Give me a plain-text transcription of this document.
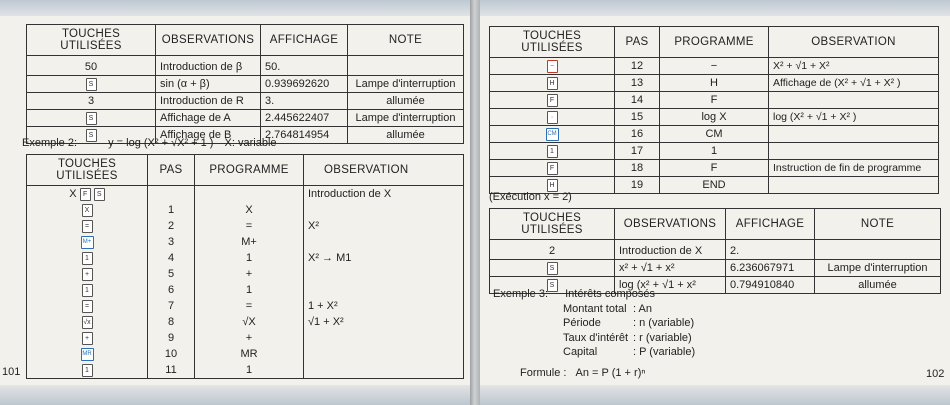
TOUCHES UTILISÉES	OBSERVATIONS	AFFICHAGE	NOTE
50	Introduction de β	50.	
S	sin (α + β)	0.939692620	Lampe d'interruption
3	Introduction de R	3.	allumée
S	Affichage de A	2.445622407	Lampe d'interruption
S	Affichage de B	2.764814954	allumée
Exemple 2:	y = log (X² + √X² + 1 ) X: variable
TOUCHES UTILISÉES	PAS	PROGRAMME	OBSERVATION
X F S			Introduction de X
X	1	X	
=	2	=	X²
M+	3	M+	
1	4	1	X² → M1
+	5	+	
1	6	1	
=	7	=	1 + X²
√x	8	√X	√1 + X²
+	9	+	
MR	10	MR	
1	11	1	
101
TOUCHES UTILISÉES	PAS	PROGRAMME	OBSERVATION
−	12	−	X² + √1 + X²
H	13	H	Affichage de (X² + √1 + X² )
F	14	F	
·	15	log X	log (X² + √1 + X² )
CM	16	CM	
1	17	1	
F	18	F	Instruction de fin de programme
H	19	END	
(Exécution x = 2)
TOUCHES UTILISÉES	OBSERVATIONS	AFFICHAGE	NOTE
2	Introduction de X	2.	
S	x² + √1 + x²	6.236067971	Lampe d'interruption
S	log (x² + √1 + x²	0.794910840	allumée
Exemple 3: Intérêts composés
Montant total : An
Période	: n (variable)
Taux d'intérêt : r (variable)
Capital	: P (variable)
Formule : An = P (1 + r)ⁿ	102
